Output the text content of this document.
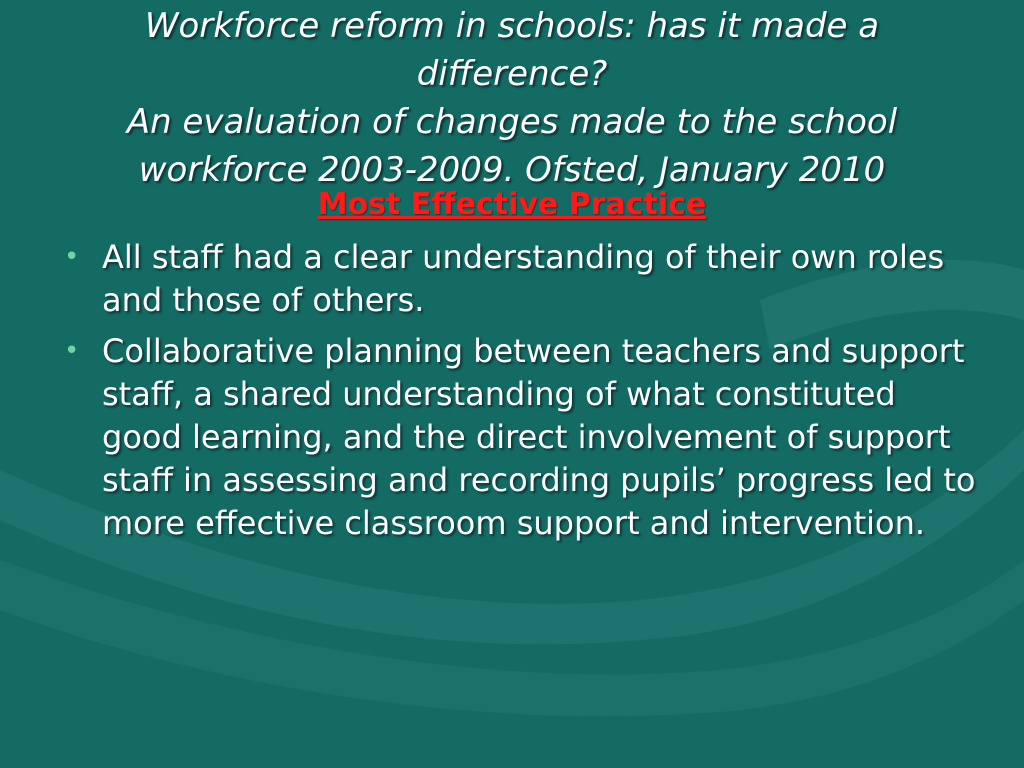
Workforce reform in schools: has it made a
difference?
An evaluation of changes made to the school
workforce 2003-2009. Ofsted, January 2010
Most Effective Practice
• All staff had a clear understanding of their own roles and those of others.
• Collaborative planning between teachers and support staff, a shared understanding of what constituted good learning, and the direct involvement of support staff in assessing and recording pupils’ progress led to more effective classroom support and intervention.
